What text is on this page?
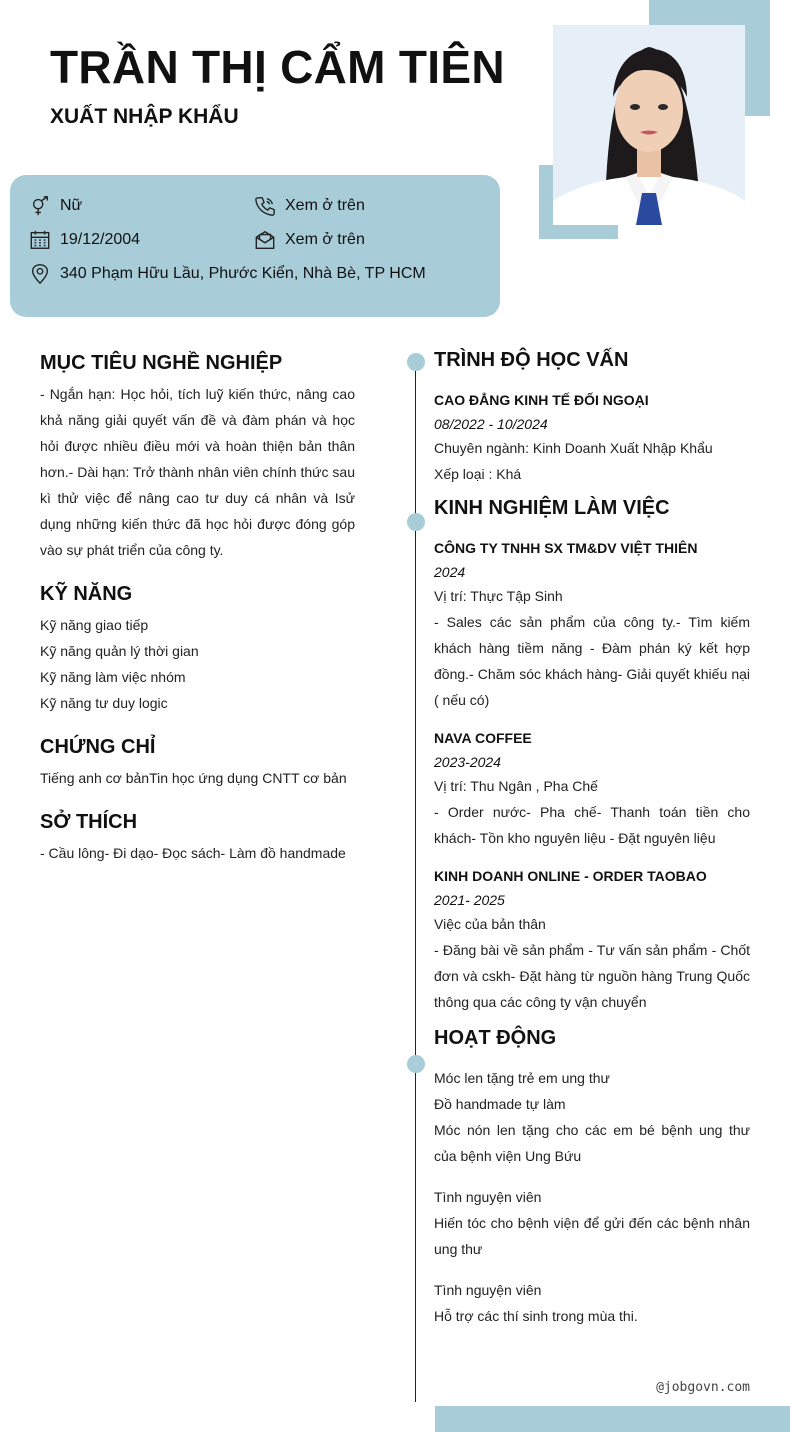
TRẦN THỊ CẨM TIÊN
XUẤT NHẬP KHẨU
Nữ	Xem ở trên
19/12/2004	Xem ở trên
340 Phạm Hữu Lầu, Phước Kiển, Nhà Bè, TP HCM
MỤC TIÊU NGHỀ NGHIỆP
- Ngắn hạn: Học hỏi, tích luỹ kiến thức, nâng cao khả năng giải quyết vấn đề và đàm phán và học hỏi được nhiều điều mới và hoàn thiện bản thân hơn.- Dài hạn: Trở thành nhân viên chính thức sau kì thử việc để nâng cao tư duy cá nhân và Isử dụng những kiến thức đã học hỏi được đóng góp vào sự phát triển của công ty.
KỸ NĂNG
Kỹ năng giao tiếp
Kỹ năng quản lý thời gian
Kỹ năng làm việc nhóm
Kỹ năng tư duy logic
CHỨNG CHỈ
Tiếng anh cơ bảnTin học ứng dụng CNTT cơ bản
SỞ THÍCH
- Cầu lông- Đi dạo- Đọc sách- Làm đồ handmade
TRÌNH ĐỘ HỌC VẤN
CAO ĐẲNG KINH TẾ ĐỐI NGOẠI
08/2022 - 10/2024
Chuyên ngành: Kinh Doanh Xuất Nhập Khẩu
Xếp loại : Khá
KINH NGHIỆM LÀM VIỆC
CÔNG TY TNHH SX TM&DV VIỆT THIÊN
2024
Vị trí: Thực Tập Sinh
- Sales các sản phẩm của công ty.- Tìm kiếm khách hàng tiềm năng - Đàm phán ký kết hợp đồng.- Chăm sóc khách hàng- Giải quyết khiếu nại ( nếu có)
NAVA COFFEE
2023-2024
Vị trí: Thu Ngân , Pha Chế
- Order nước- Pha chế- Thanh toán tiền cho khách- Tồn kho nguyên liệu - Đặt nguyên liệu
KINH DOANH ONLINE - ORDER TAOBAO
2021- 2025
Việc của bản thân
- Đăng bài về sản phẩm - Tư vấn sản phẩm - Chốt đơn và cskh- Đặt hàng từ nguồn hàng Trung Quốc thông qua các công ty vận chuyển
HOẠT ĐỘNG
Móc len tặng trẻ em ung thư
Đồ handmade tự làm
Móc nón len tặng cho các em bé bệnh ung thư của bệnh viện Ung Bứu
Tình nguyện viên
Hiến tóc cho bệnh viện để gửi đến các bệnh nhân ung thư
Tình nguyện viên
Hỗ trợ các thí sinh trong mùa thi.
@jobgovn.com
